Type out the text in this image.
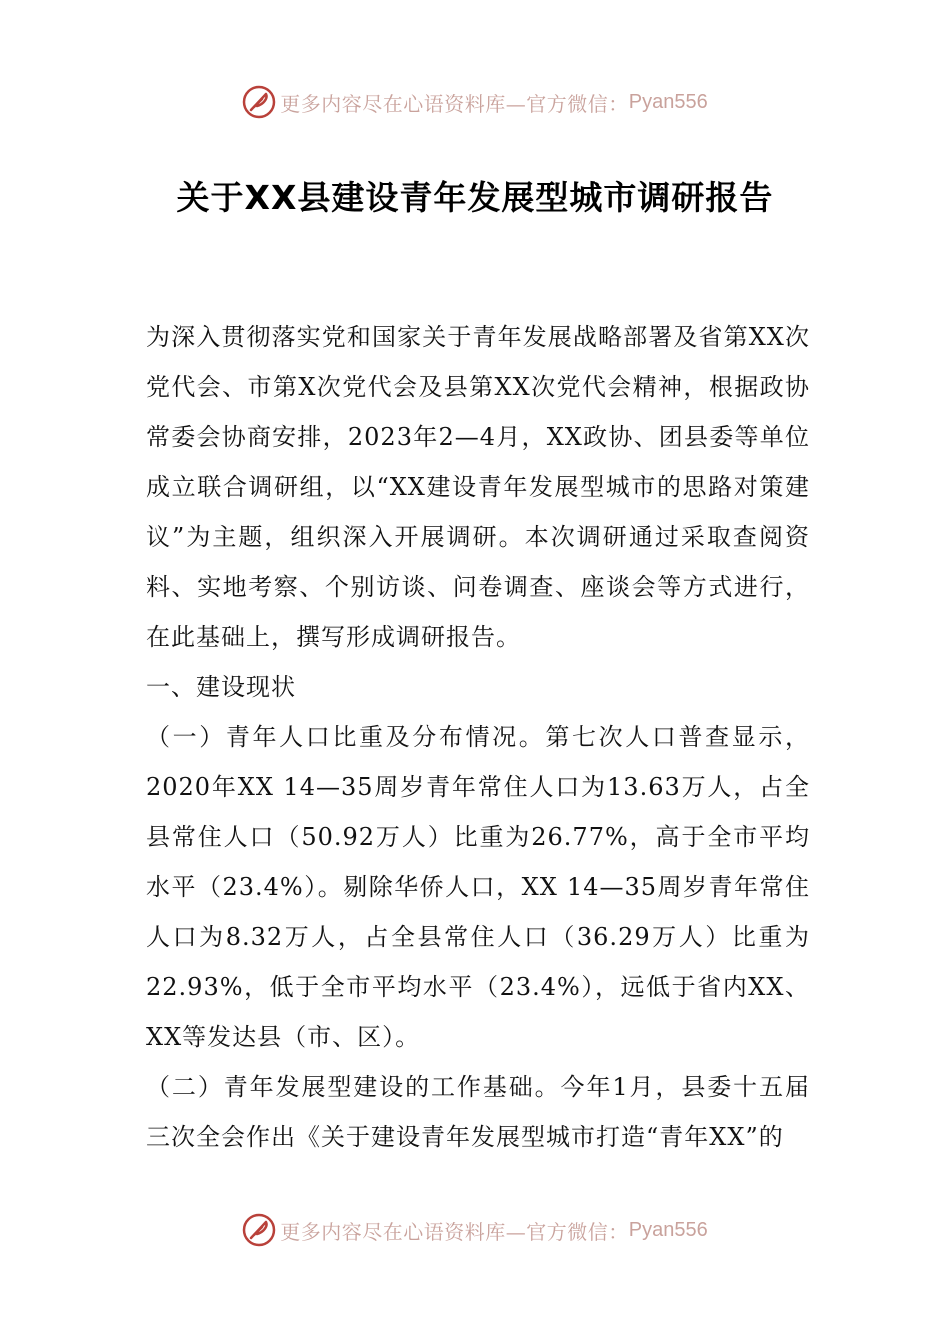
更多内容尽在心语资料库—官方微信： Pyan556
关于XX县建设青年发展型城市调研报告

为深入贯彻落实党和国家关于青年发展战略部署及省第XX次党代会、市第X次党代会及县第XX次党代会精神，根据政协常委会协商安排，2023年2—4月，XX政协、团县委等单位成立联合调研组，以“XX建设青年发展型城市的思路对策建议”为主题，组织深入开展调研。本次调研通过采取查阅资料、实地考察、个别访谈、问卷调查、座谈会等方式进行，在此基础上，撰写形成调研报告。

一、建设现状

（一）青年人口比重及分布情况。第七次人口普查显示，2020年XX 14—35周岁青年常住人口为13.63万人，占全县常住人口（50.92万人）比重为26.77%，高于全市平均水平（23.4%）。剔除华侨人口，XX 14—35周岁青年常住人口为8.32万人，占全县常住人口（36.29万人）比重为22.93%，低于全市平均水平（23.4%），远低于省内XX、XX等发达县（市、区）。

（二）青年发展型建设的工作基础。今年1月，县委十五届三次全会作出《关于建设青年发展型城市打造“青年XX”的

更多内容尽在心语资料库—官方微信： Pyan556
